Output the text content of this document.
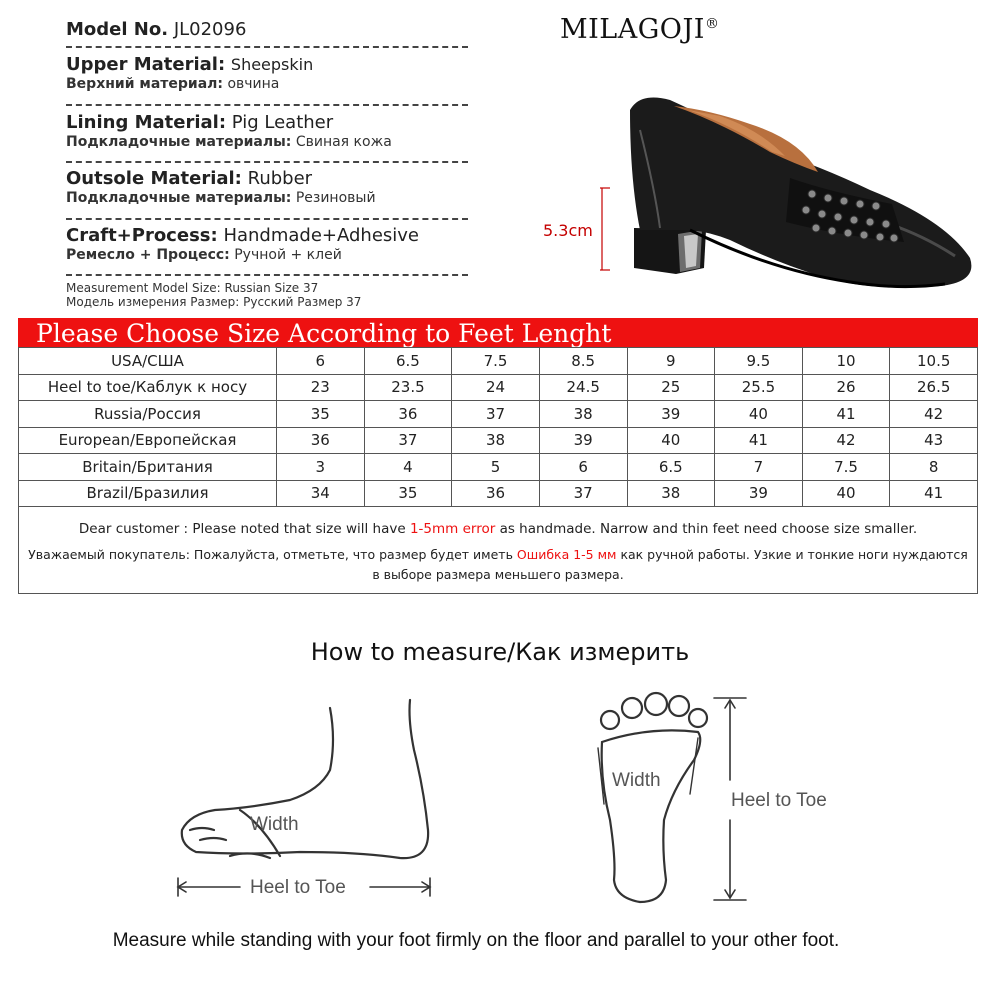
Model No. JL02096
Upper Material: Sheepskin
Верхний материал: овчина
Lining Material: Pig Leather
Подкладочные материалы: Свиная кожа
Outsole Material: Rubber
Подкладочные материалы: Резиновый
Craft+Process: Handmade+Adhesive
Ремесло + Процесс: Ручной + клей
Measurement Model Size: Russian Size 37
Модель измерения Размер: Русский Размер 37
MILAGOJI®
5.3cm
Please Choose Size According to Feet Lenght
USA/CША	6	6.5	7.5	8.5	9	9.5	10	10.5
Heel to toe/Каблук к носу	23	23.5	24	24.5	25	25.5	26	26.5
Russia/Россия	35	36	37	38	39	40	41	42
European/Европейская	36	37	38	39	40	41	42	43
Britain/Британия	3	4	5	6	6.5	7	7.5	8
Brazil/Бразилия	34	35	36	37	38	39	40	41
Dear customer : Please noted that size will have 1-5mm error as handmade. Narrow and thin feet need choose size smaller.
Уважаемый покупатель: Пожалуйста, отметьте, что размер будет иметь Ошибка 1-5 мм как ручной работы. Узкие и тонкие ноги нуждаются в выборе размера меньшего размера.
How to measure/Как измерить
Width
Heel to Toe
Width
Heel to Toe
Measure while standing with your foot firmly on the floor and parallel to your other foot.
